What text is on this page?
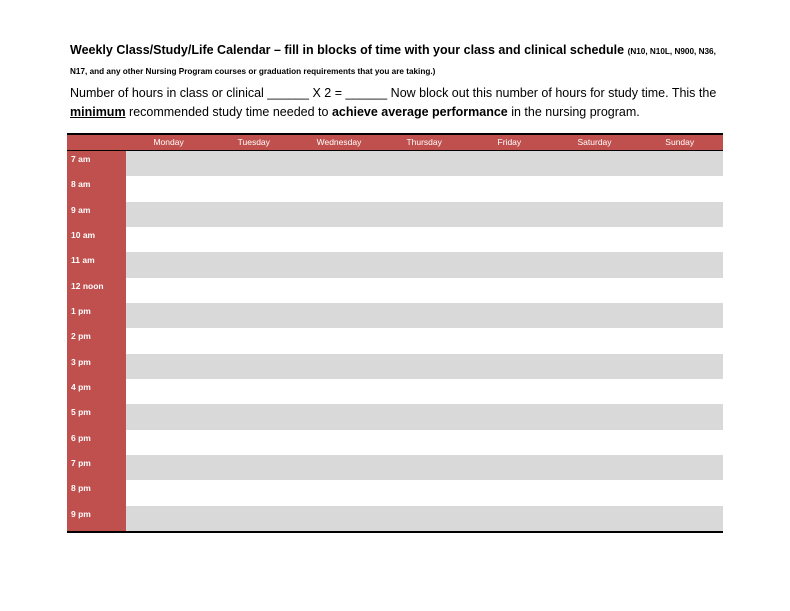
Weekly Class/Study/Life Calendar – fill in blocks of time with your class and clinical schedule (N10, N10L, N900, N36, N17, and any other Nursing Program courses or graduation requirements that you are taking.)
Number of hours in class or clinical ______ X 2 = ______ Now block out this number of hours for study time. This the minimum recommended study time needed to achieve average performance in the nursing program.
Monday	Tuesday	Wednesday	Thursday	Friday	Saturday	Sunday
7 am
8 am
9 am
10 am
11 am
12 noon
1 pm
2 pm
3 pm
4 pm
5 pm
6 pm
7 pm
8 pm
9 pm
